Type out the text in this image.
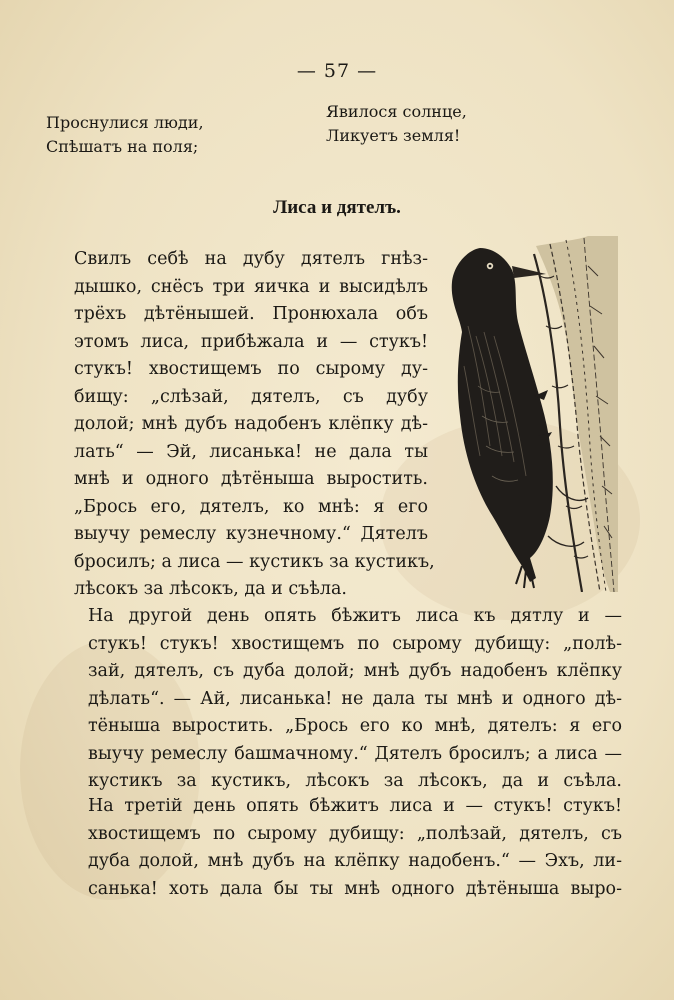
— 57 —
Проснулися люди,
Спѣшатъ на поля;
Явилося солнце,
Ликуетъ земля!
Лиса и дятелъ.
Свилъ себѣ на дубу дятелъ гнѣз-
дышко, снёсъ три яичка и высидѣлъ
трёхъ дѣтёнышей. Пронюхала объ
этомъ лиса, прибѣжала и — стукъ!
стукъ! хвостищемъ по сырому ду-
бищу: „слѣзай, дятелъ, съ дубу
долой; мнѣ дубъ надобенъ клёпку дѣ-
лать“ — Эй, лисанька! не дала ты
мнѣ и одного дѣтёныша выростить.
„Брось его, дятелъ, ко мнѣ: я его
выучу ремеслу кузнечному.“ Дятелъ
бросилъ; а лиса — кустикъ за кустикъ,
лѣсокъ за лѣсокъ, да и съѣла.
На другой день опять бѣжитъ лиса къ дятлу и —
стукъ! стукъ! хвостищемъ по сырому дубищу: „полѣ-
зай, дятелъ, съ дуба долой; мнѣ дубъ надобенъ клёпку
дѣлать“. — Ай, лисанька! не дала ты мнѣ и одного дѣ-
тёныша выростить. „Брось его ко мнѣ, дятелъ: я его
выучу ремеслу башмачному.“ Дятелъ бросилъ; а лиса —
кустикъ за кустикъ, лѣсокъ за лѣсокъ, да и съѣла.
На третій день опять бѣжитъ лиса и — стукъ! стукъ!
хвостищемъ по сырому дубищу: „полѣзай, дятелъ, съ
дуба долой, мнѣ дубъ на клёпку надобенъ.“ — Эхъ, ли-
санька! хоть дала бы ты мнѣ одного дѣтёныша выро-
